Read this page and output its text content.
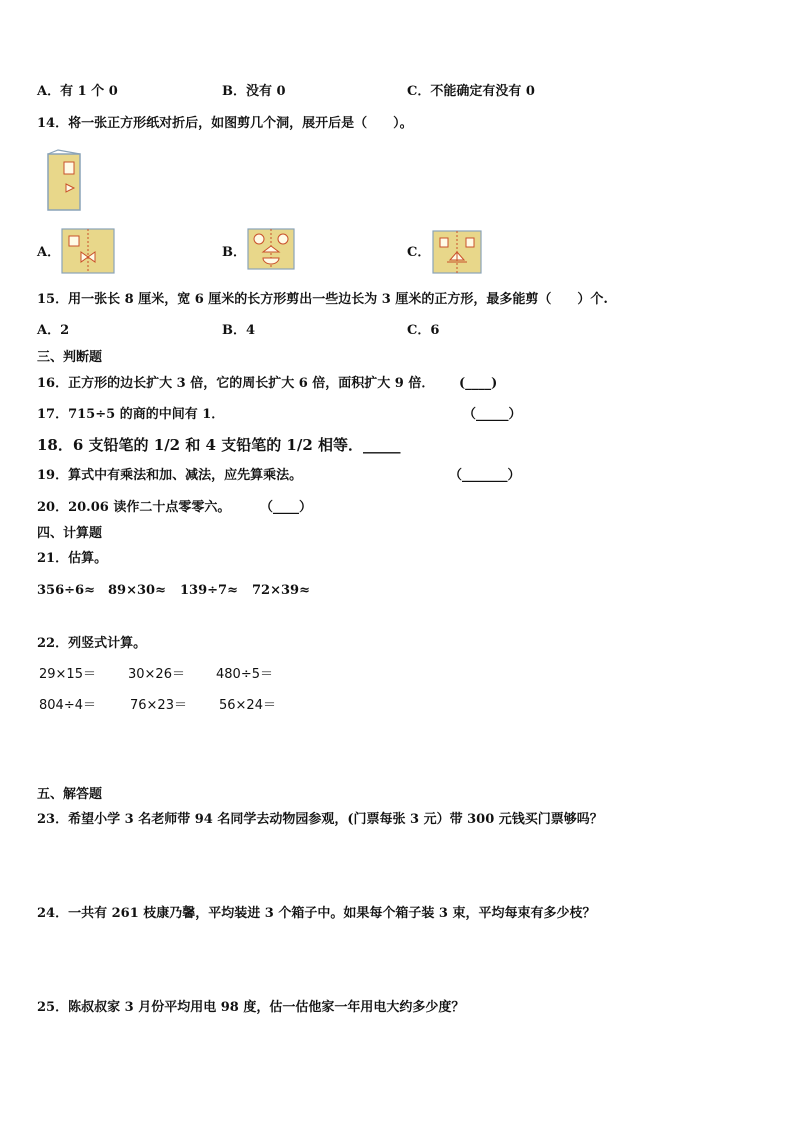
A．有 1 个 0	B．没有 0	C．不能确定有没有 0
14．将一张正方形纸对折后，如图剪几个洞，展开后是（　　）。
A．	B．	C．
15．用一张长 8 厘米，宽 6 厘米的长方形剪出一些边长为 3 厘米的正方形，最多能剪（　　）个.
A．2	B．4	C．6
三、判断题
16．正方形的边长扩大 3 倍，它的周长扩大 6 倍，面积扩大 9 倍． (____)
17．715÷5 的商的中间有 1．	（_____）
18．6 支铅笔的 1/2 和 4 支铅笔的 1/2 相等．_____
19．算式中有乘法和加、减法，应先算乘法。	（_______）
20．20.06 读作二十点零零六。 （____）
四、计算题
21．估算。
356÷6≈ 89×30≈ 139÷7≈ 72×39≈
22．列竖式计算。
29×15＝ 30×26＝ 480÷5＝
804÷4＝	76×23＝ 56×24＝
五、解答题
23．希望小学 3 名老师带 94 名同学去动物园参观，(门票每张 3 元）带 300 元钱买门票够吗？
24．一共有 261 枝康乃馨，平均装进 3 个箱子中。如果每个箱子装 3 束，平均每束有多少枝？
25．陈叔叔家 3 月份平均用电 98 度，估一估他家一年用电大约多少度？
